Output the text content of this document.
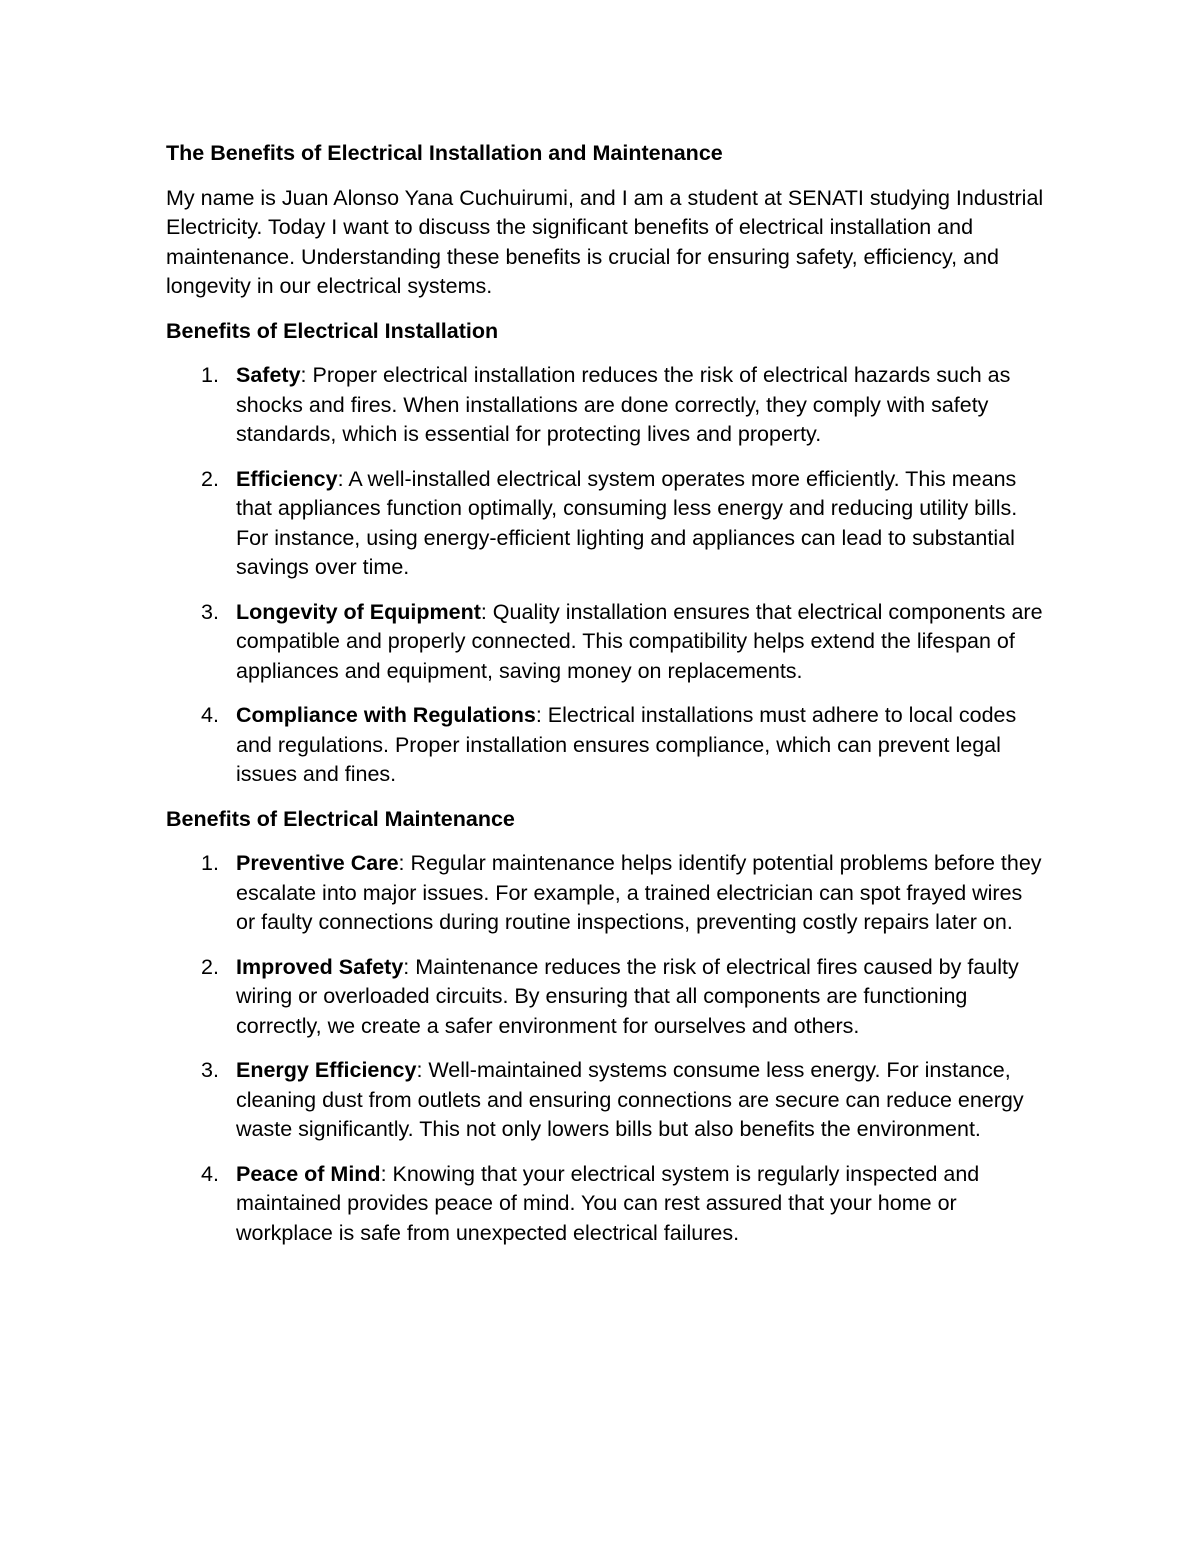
The Benefits of Electrical Installation and Maintenance

My name is Juan Alonso Yana Cuchuirumi, and I am a student at SENATI studying Industrial Electricity. Today I want to discuss the significant benefits of electrical installation and maintenance. Understanding these benefits is crucial for ensuring safety, efficiency, and longevity in our electrical systems.

Benefits of Electrical Installation

1. Safety: Proper electrical installation reduces the risk of electrical hazards such as shocks and fires. When installations are done correctly, they comply with safety standards, which is essential for protecting lives and property.
2. Efficiency: A well-installed electrical system operates more efficiently. This means that appliances function optimally, consuming less energy and reducing utility bills. For instance, using energy-efficient lighting and appliances can lead to substantial savings over time.
3. Longevity of Equipment: Quality installation ensures that electrical components are compatible and properly connected. This compatibility helps extend the lifespan of appliances and equipment, saving money on replacements.
4. Compliance with Regulations: Electrical installations must adhere to local codes and regulations. Proper installation ensures compliance, which can prevent legal issues and fines.

Benefits of Electrical Maintenance

1. Preventive Care: Regular maintenance helps identify potential problems before they escalate into major issues. For example, a trained electrician can spot frayed wires or faulty connections during routine inspections, preventing costly repairs later on.
2. Improved Safety: Maintenance reduces the risk of electrical fires caused by faulty wiring or overloaded circuits. By ensuring that all components are functioning correctly, we create a safer environment for ourselves and others.
3. Energy Efficiency: Well-maintained systems consume less energy. For instance, cleaning dust from outlets and ensuring connections are secure can reduce energy waste significantly. This not only lowers bills but also benefits the environment.
4. Peace of Mind: Knowing that your electrical system is regularly inspected and maintained provides peace of mind. You can rest assured that your home or workplace is safe from unexpected electrical failures.
